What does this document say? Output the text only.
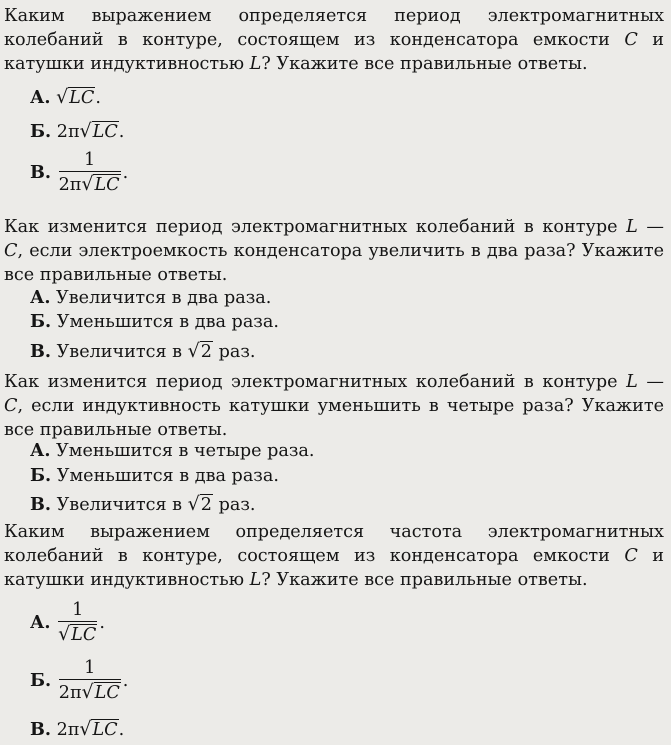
Каким выражением определяется период электромагнитных колебаний в контуре, состоящем из конденсатора емкости C и катушки индуктивностью L? Укажите все правильные ответы.
А. √LC.
Б. 2π√LC.
В. $\frac{1}{2\pi√LC}$ .
Как изменится период электромагнитных колебаний в контуре L — C, если электроемкость конденсатора увеличить в два раза? Укажите все правильные ответы.
А. Увеличится в два раза.
Б. Уменьшится в два раза.
В. Увеличится в √2 раз.
Как изменится период электромагнитных колебаний в контуре L — C, если индуктивность катушки уменьшить в четыре раза? Укажите все правильные ответы.
А. Уменьшится в четыре раза.
Б. Уменьшится в два раза.
В. Увеличится в √2 раз.
Каким выражением определяется частота электромагнитных колебаний в контуре, состоящем из конденсатора емкости C и катушки индуктивностью L? Укажите все правильные ответы.
А. $\frac{1}{√LC}$ .
Б. $\frac{1}{2\pi√LC}$ .
В. 2π√LC.
